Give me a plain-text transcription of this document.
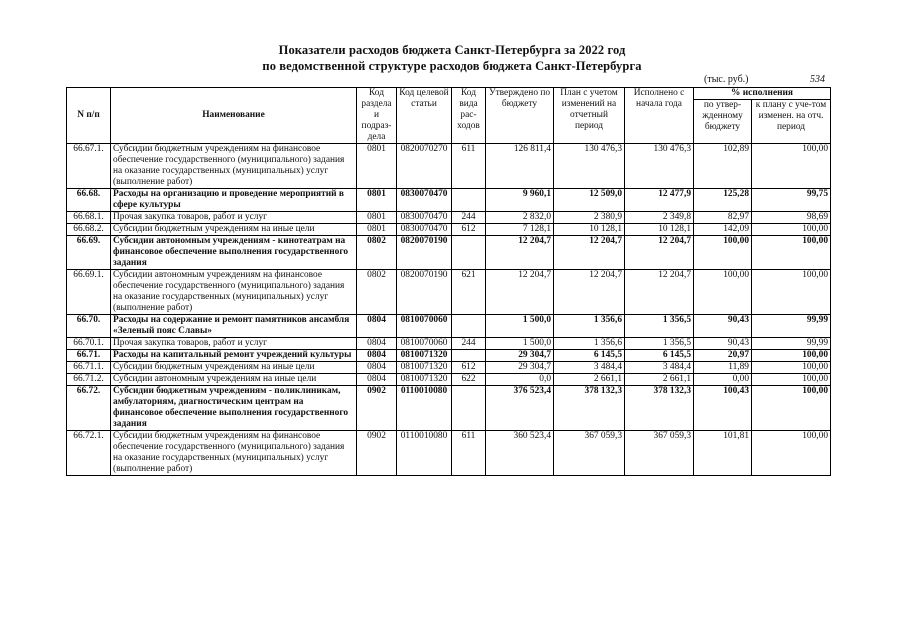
Показатели расходов бюджета Санкт-Петербурга за 2022 год
по ведомственной структуре расходов бюджета Санкт-Петербурга
(тыс. руб.)	534
N п/п	Наименование	Код раздела и подраз-дела	Код целевой статьи	Код вида рас-ходов	Утверждено по бюджету	План с учетом изменений на отчетный период	Исполнено с начала года	% исполнения	
								по утвер-жденному бюджету	к плану с уче-том изменен. на отч. период
66.67.1.	Субсидии бюджетным учреждениям на финансовое обеспечение государственного (муниципального) задания на оказание государственных (муниципальных) услуг (выполнение работ)	0801	0820070270	611	126 811,4	130 476,3	130 476,3	102,89	100,00
66.68.	Расходы на организацию и проведение мероприятий в сфере культуры	0801	0830070470		9 960,1	12 509,0	12 477,9	125,28	99,75
66.68.1.	Прочая закупка товаров, работ и услуг	0801	0830070470	244	2 832,0	2 380,9	2 349,8	82,97	98,69
66.68.2.	Субсидии бюджетным учреждениям на иные цели	0801	0830070470	612	7 128,1	10 128,1	10 128,1	142,09	100,00
66.69.	Субсидии автономным учреждениям - кинотеатрам на финансовое обеспечение выполнения государственного задания	0802	0820070190		12 204,7	12 204,7	12 204,7	100,00	100,00
66.69.1.	Субсидии автономным учреждениям на финансовое обеспечение государственного (муниципального) задания на оказание государственных (муниципальных) услуг (выполнение работ)	0802	0820070190	621	12 204,7	12 204,7	12 204,7	100,00	100,00
66.70.	Расходы на содержание и ремонт памятников ансамбля «Зеленый пояс Славы»	0804	0810070060		1 500,0	1 356,6	1 356,5	90,43	99,99
66.70.1.	Прочая закупка товаров, работ и услуг	0804	0810070060	244	1 500,0	1 356,6	1 356,5	90,43	99,99
66.71.	Расходы на капитальный ремонт учреждений культуры	0804	0810071320		29 304,7	6 145,5	6 145,5	20,97	100,00
66.71.1.	Субсидии бюджетным учреждениям на иные цели	0804	0810071320	612	29 304,7	3 484,4	3 484,4	11,89	100,00
66.71.2.	Субсидии автономным учреждениям на иные цели	0804	0810071320	622	0,0	2 661,1	2 661,1	0,00	100,00
66.72.	Субсидии бюджетным учреждениям - поликлиникам, амбулаториям, диагностическим центрам на финансовое обеспечение выполнения государственного задания	0902	0110010080		376 523,4	378 132,3	378 132,3	100,43	100,00
66.72.1.	Субсидии бюджетным учреждениям на финансовое обеспечение государственного (муниципального) задания на оказание государственных (муниципальных) услуг (выполнение работ)	0902	0110010080	611	360 523,4	367 059,3	367 059,3	101,81	100,00
